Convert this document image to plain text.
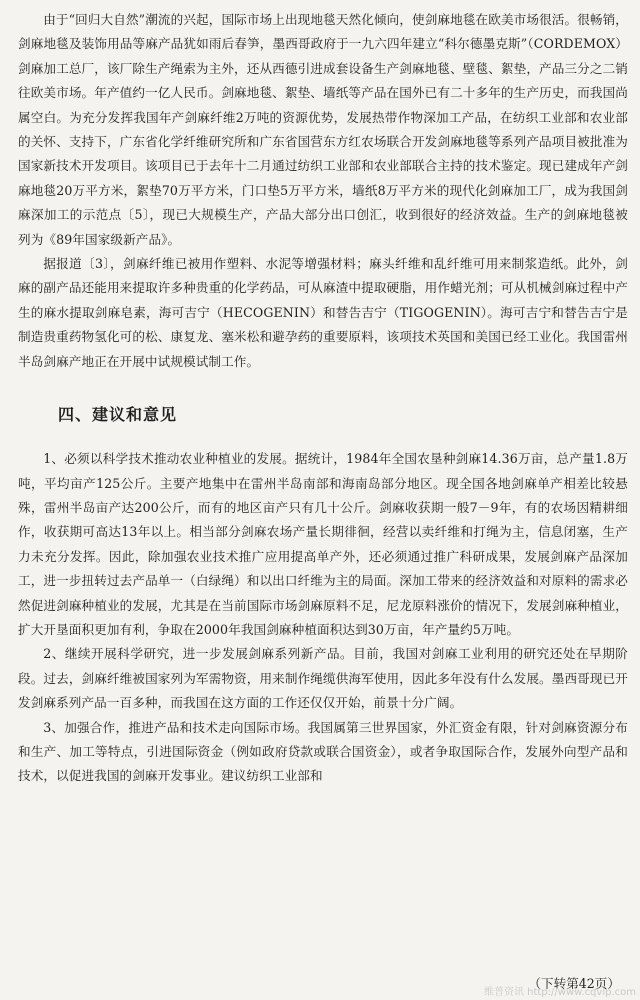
由于“回归大自然”潮流的兴起，国际市场上出现地毯天然化倾向，使剑麻地毯在欧美市场很活。很畅销，剑麻地毯及装饰用品等麻产品犹如雨后春笋，墨西哥政府于一九六四年建立“科尔德墨克斯”（CORDEMOX）剑麻加工总厂，该厂除生产绳索为主外，还从西德引进成套设备生产剑麻地毯、壁毯、絮垫，产品三分之二销往欧美市场。年产值约一亿人民币。剑麻地毯、絮垫、墙纸等产品在国外已有二十多年的生产历史，而我国尚属空白。为充分发挥我国年产剑麻纤维2万吨的资源优势，发展热带作物深加工产品，在纺织工业部和农业部的关怀、支持下，广东省化学纤维研究所和广东省国营东方红农场联合开发剑麻地毯等系列产品项目被批准为国家新技术开发项目。该项目已于去年十二月通过纺织工业部和农业部联合主持的技术鉴定。现已建成年产剑麻地毯20万平方米，絮垫70万平方米，门口垫5万平方米，墙纸8万平方米的现代化剑麻加工厂，成为我国剑麻深加工的示范点〔5〕，现已大规模生产，产品大部分出口创汇，收到很好的经济效益。生产的剑麻地毯被列为《89年国家级新产品》。

据报道〔3〕，剑麻纤维已被用作塑料、水泥等增强材料；麻头纤维和乱纤维可用来制浆造纸。此外，剑麻的副产品还能用来提取许多种贵重的化学药品，可从麻渣中提取硬脂，用作蜡光剂；可从机械剑麻过程中产生的麻水提取剑麻皂素，海可吉宁（HECOGENIN）和替告吉宁（TIGOGENIN）。海可吉宁和替告吉宁是制造贵重药物氢化可的松、康复龙、塞米松和避孕药的重要原料，该项技术英国和美国已经工业化。我国雷州半岛剑麻产地正在开展中试规模试制工作。

四、建议和意见

1、必须以科学技术推动农业种植业的发展。据统计，1984年全国农垦种剑麻14.36万亩，总产量1.8万吨，平均亩产125公斤。主要产地集中在雷州半岛南部和海南岛部分地区。现全国各地剑麻单产相差比较悬殊，雷州半岛亩产达200公斤，而有的地区亩产只有几十公斤。剑麻收获期一般7－9年，有的农场因精耕细作，收获期可高达13年以上。相当部分剑麻农场产量长期徘徊，经营以卖纤维和打绳为主，信息闭塞，生产力未充分发挥。因此，除加强农业技术推广应用提高单产外，还必须通过推广科研成果，发展剑麻产品深加工，进一步扭转过去产品单一（白绿绳）和以出口纤维为主的局面。深加工带来的经济效益和对原料的需求必然促进剑麻种植业的发展，尤其是在当前国际市场剑麻原料不足，尼龙原料涨价的情况下，发展剑麻种植业，扩大开垦面积更加有利，争取在2000年我国剑麻种植面积达到30万亩，年产量约5万吨。

2、继续开展科学研究，进一步发展剑麻系列新产品。目前，我国对剑麻工业利用的研究还处在早期阶段。过去，剑麻纤维被国家列为军需物资，用来制作绳缆供海军使用，因此多年没有什么发展。墨西哥现已开发剑麻系列产品一百多种，而我国在这方面的工作还仅仅开始，前景十分广阔。

3、加强合作，推进产品和技术走向国际市场。我国属第三世界国家，外汇资金有限，针对剑麻资源分布和生产、加工等特点，引进国际资金（例如政府贷款或联合国资金），或者争取国际合作，发展外向型产品和技术，以促进我国的剑麻开发事业。建议纺织工业部和

（下转第42页）
维普资讯 http://www.cqvip.com
